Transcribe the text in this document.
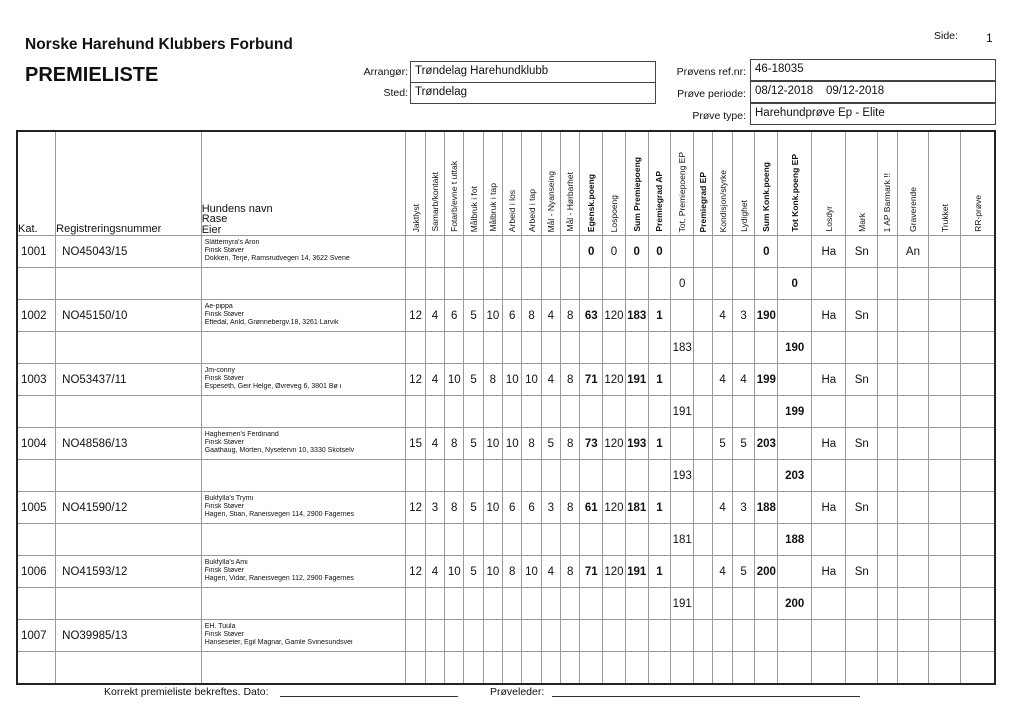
Norske Harehund Klubbers Forbund
PREMIELISTE
Side: 1
Arrangør: Trøndelag Harehundklubb
Sted: Trøndelag
Prøvens ref.nr: 46-18035
Prøve periode: 08/12-2018 09/12-2018
Prøve type: Harehundprøve Ep - Elite
Kat.	Registreringsnummer	Hundens navn
Rase
Eier	Jaktlyst	Samarb/kontakt	Fotarb/evne t uttak	Målbruk i fot	Målbruk i tap	Arbeid i los	Arbeid i tap	Mål - Nyanseing	Mål - Hørbarhet	Egensk.poeng	Lospoeng	Sum Premiepoeng	Premiegrad AP	Tot. Premiepoeng EP	Premiegrad EP	Kondisjon/styrke	Lydighet	Sum Konk.poeng	Tot Konk.poeng EP	Losdyr	Mark	1 AP Barmark !!	Graverende	Trukket	RR-prøve

1001	NO45043/15	Slåttemyra's Aron
Finsk Støver
Dokken, Terje, Ramsrudvegen 14, 3622 Svene										0	0	0	0					0		Ha	Sn		An		
																0					0						
1002	NO45150/10	Ae-pippa
Finsk Støver
Eftedal, Arild, Grønnebergv.18, 3261 Larvik	12	4	6	5	10	6	8	4	8	63	120	183	1			4	3	190		Ha	Sn				
																183					190						
1003	NO53437/11	Jm-conny
Finsk Støver
Espeseth, Geir Helge, Øvreveg 6, 3801 Bø i	12	4	10	5	8	10	10	4	8	71	120	191	1			4	4	199		Ha	Sn				
																191					199						
1004	NO48586/13	Hagheimen's Ferdinand
Finsk Støver
Gaathaug, Morten, Nysetervn 10, 3330 Skotselv	15	4	8	5	10	10	8	5	8	73	120	193	1			5	5	203		Ha	Sn				
																193					203						
1005	NO41590/12	Bukfylla's Trymi
Finsk Støver
Hagen, Stian, Raneisvegen 114, 2900 Fagernes	12	3	8	5	10	6	6	3	8	61	120	181	1			4	3	188		Ha	Sn				
																181					188						
1006	NO41593/12	Bukfylla's Ami
Finsk Støver
Hagen, Vidar, Raneisvegen 112, 2900 Fagernes	12	4	10	5	10	8	10	4	8	71	120	191	1			4	5	200		Ha	Sn				
																191					200						
1007	NO39985/13	EH. Tuula
Finsk Støver
Hanseseter, Egil Magnar, Gamle Svinesundsvei																									

Korrekt premieliste bekreftes. Dato:	Prøveleder:
